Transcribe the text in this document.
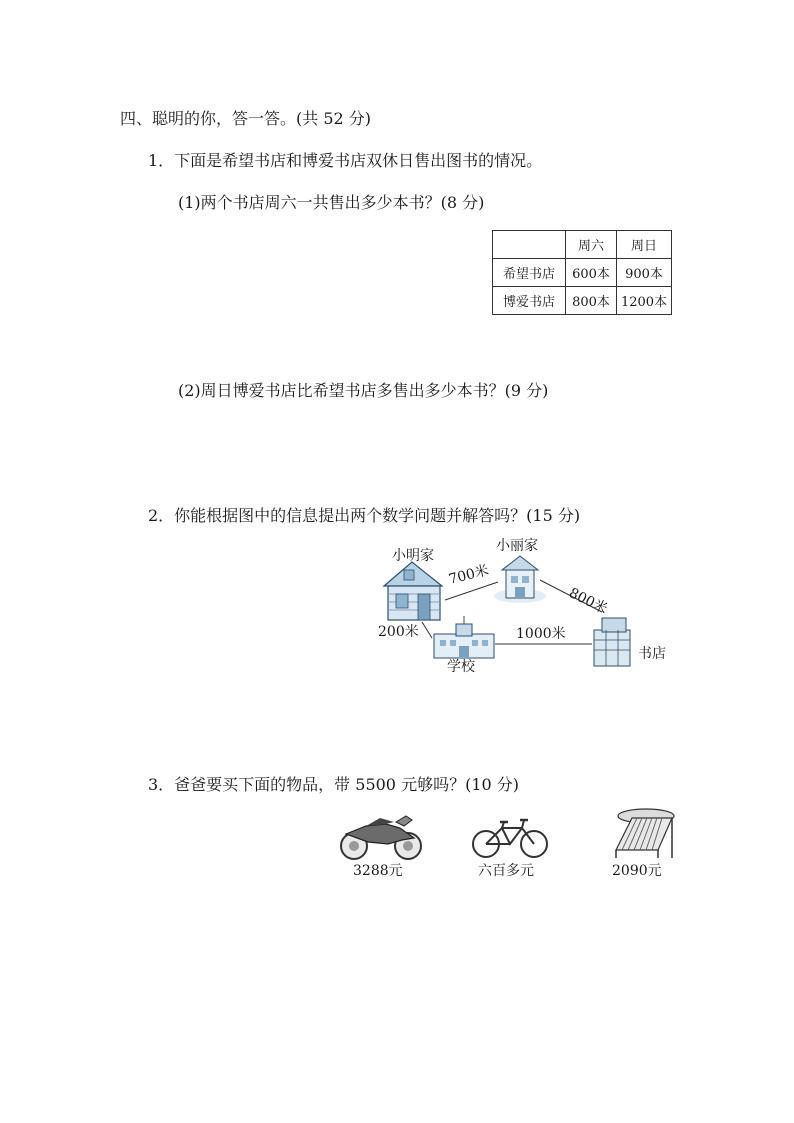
四、聪明的你，答一答。(共 52 分)
1．下面是希望书店和博爱书店双休日售出图书的情况。
(1)两个书店周六一共售出多少本书？(8 分)
	周六	周日
希望书店	600本	900本
博爱书店	800本	1200本
(2)周日博爱书店比希望书店多售出多少本书？(9 分)
2．你能根据图中的信息提出两个数学问题并解答吗？(15 分)
小明家
小丽家
学校
书店
700米
800米
200米	1000米
3．爸爸要买下面的物品，带 5500 元够吗？(10 分)
3288元	六百多元	2090元
